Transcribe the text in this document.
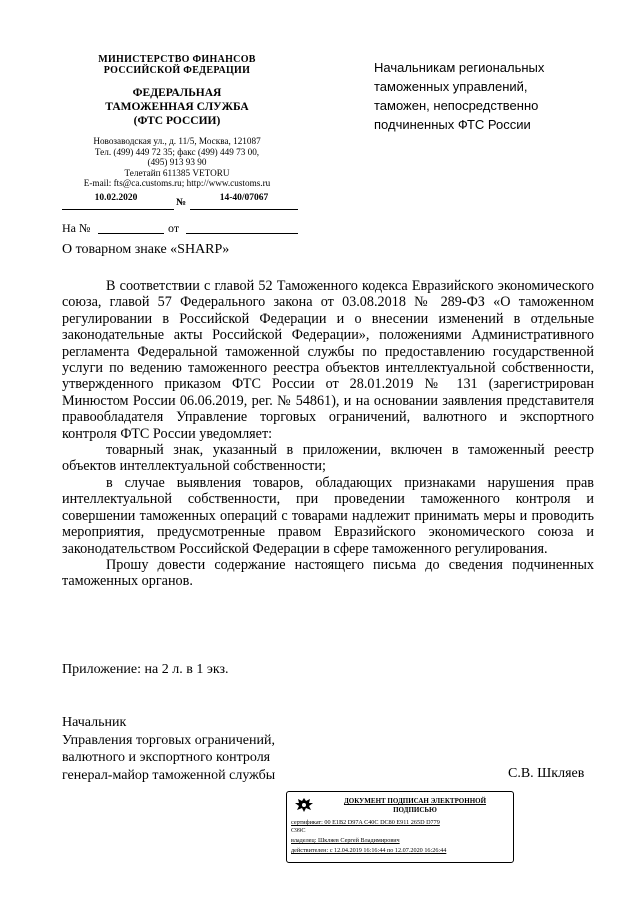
МИНИСТЕРСТВО ФИНАНСОВ РОССИЙСКОЙ ФЕДЕРАЦИИ
ФЕДЕРАЛЬНАЯ
ТАМОЖЕННАЯ СЛУЖБА
(ФТС РОССИИ)
Новозаводская ул., д. 11/5, Москва, 121087
Тел. (499) 449 72 35; факс (499) 449 73 00,
(495) 913 93 90
Телетайп 611385 VETORU
E-mail: fts@ca.customs.ru; http://www.customs.ru
10.02.2020	№	14-40/07067
На №	от
Начальникам региональных
таможенных управлений,
таможен, непосредственно
подчиненных ФТС России
О товарном знаке «SHARP»

В соответствии с главой 52 Таможенного кодекса Евразийского экономического союза, главой 57 Федерального закона от 03.08.2018 № 289-ФЗ «О таможенном регулировании в Российской Федерации и о внесении изменений в отдельные законодательные акты Российской Федерации», положениями Административного регламента Федеральной таможенной службы по предоставлению государственной услуги по ведению таможенного реестра объектов интеллектуальной собственности, утвержденного приказом ФТС России от 28.01.2019 № 131 (зарегистрирован Минюстом России 06.06.2019, рег. № 54861), и на основании заявления представителя правообладателя Управление торговых ограничений, валютного и экспортного контроля ФТС России уведомляет:

товарный знак, указанный в приложении, включен в таможенный реестр объектов интеллектуальной собственности;

в случае выявления товаров, обладающих признаками нарушения прав интеллектуальной собственности, при проведении таможенного контроля и совершении таможенных операций с товарами надлежит принимать меры и проводить мероприятия, предусмотренные правом Евразийского экономического союза и законодательством Российской Федерации в сфере таможенного регулирования.

Прошу довести содержание настоящего письма до сведения подчиненных таможенных органов.

Приложение: на 2 л. в 1 экз.
Начальник
Управления торговых ограничений,
валютного и экспортного контроля
генерал-майор таможенной службы	С.В. Шкляев
ДОКУМЕНТ ПОДПИСАН ЭЛЕКТРОННОЙ
ПОДПИСЬЮ
сертификат: 00 E1B2 D97A C40C DC80 E911 265D D779
C99C
владелец: Шкляев Сергей Владимирович
действителен: с 12.04.2019 16:16:44 по 12.07.2020 16:26:44
